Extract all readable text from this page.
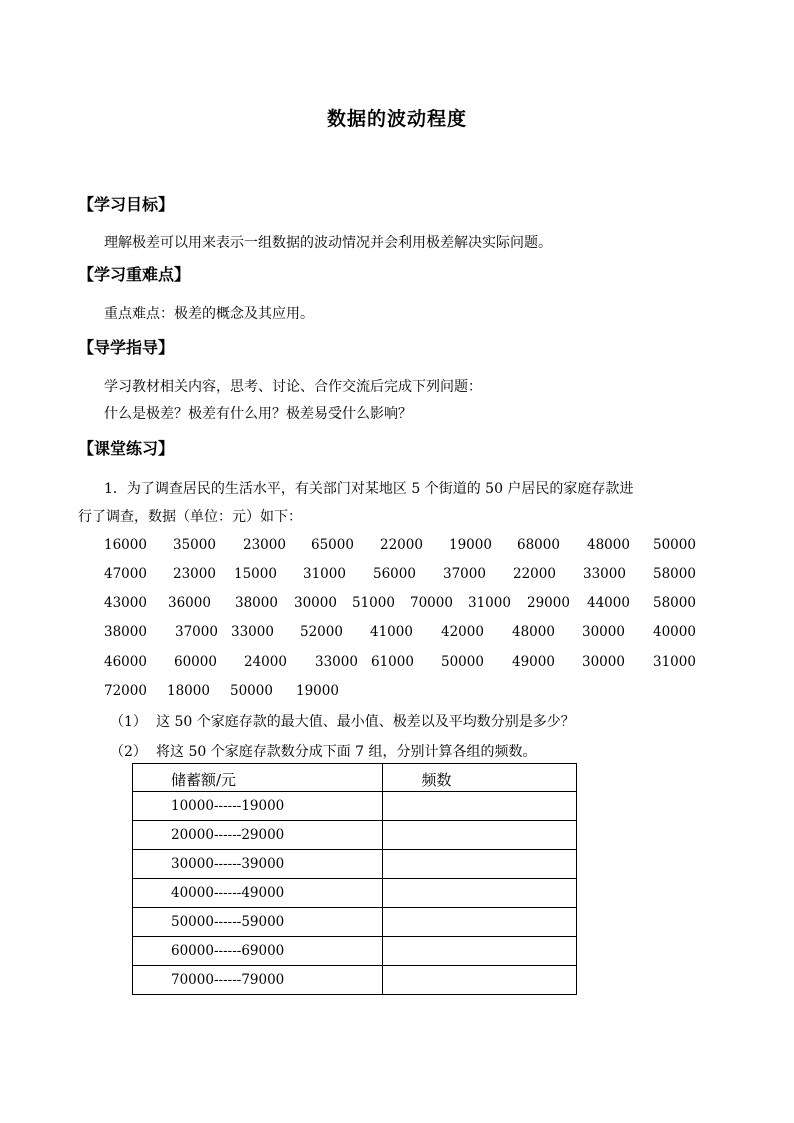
数据的波动程度
【学习目标】
理解极差可以用来表示一组数据的波动情况并会利用极差解决实际问题。
【学习重难点】
重点难点：极差的概念及其应用。
【导学指导】
学习教材相关内容，思考、讨论、合作交流后完成下列问题：
什么是极差？极差有什么用？极差易受什么影响？
【课堂练习】
1．为了调查居民的生活水平，有关部门对某地区 5 个街道的 50 户居民的家庭存款进
行了调查，数据（单位：元）如下：
16000 35000 23000 65000 22000 19000 68000 48000 50000
47000 23000 15000 31000 56000 37000 22000 33000 58000
43000 36000 38000 30000 51000 70000 31000 29000 44000 58000
38000 37000 33000 52000 41000 42000 48000 30000 40000
46000 60000 24000 33000 61000 50000 49000 30000 31000
72000 18000 50000 19000
（1） 这 50 个家庭存款的最大值、最小值、极差以及平均数分别是多少？
（2） 将这 50 个家庭存款数分成下面 7 组，分别计算各组的频数。
储蓄额/元	频数
10000------19000	
20000------29000	
30000------39000	
40000------49000	
50000------59000	
60000------69000	
70000------79000	
